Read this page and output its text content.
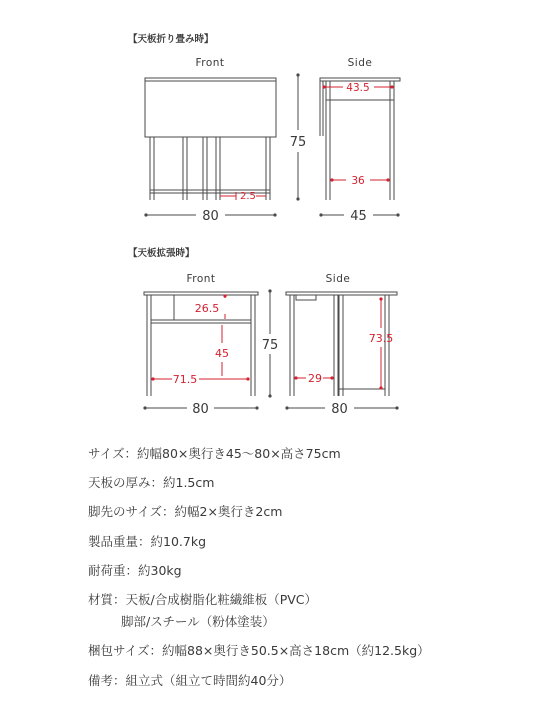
【天板折り畳み時】
Front
2.5
80
75
Side
43.5
36
45
【天板拡張時】
Front
26.5
45
71.5
80
75
Side
73.5
29
80
サイズ：約幅80×奥行き45〜80×高さ75cm
天板の厚み：約1.5cm
脚先のサイズ：約幅2×奥行き2cm
製品重量：約10.7kg
耐荷重：約30kg
材質：天板/合成樹脂化粧繊維板（PVC）
脚部/スチール（粉体塗装）
梱包サイズ：約幅88×奥行き50.5×高さ18cm（約12.5kg）
備考：組立式（組立て時間約40分）
